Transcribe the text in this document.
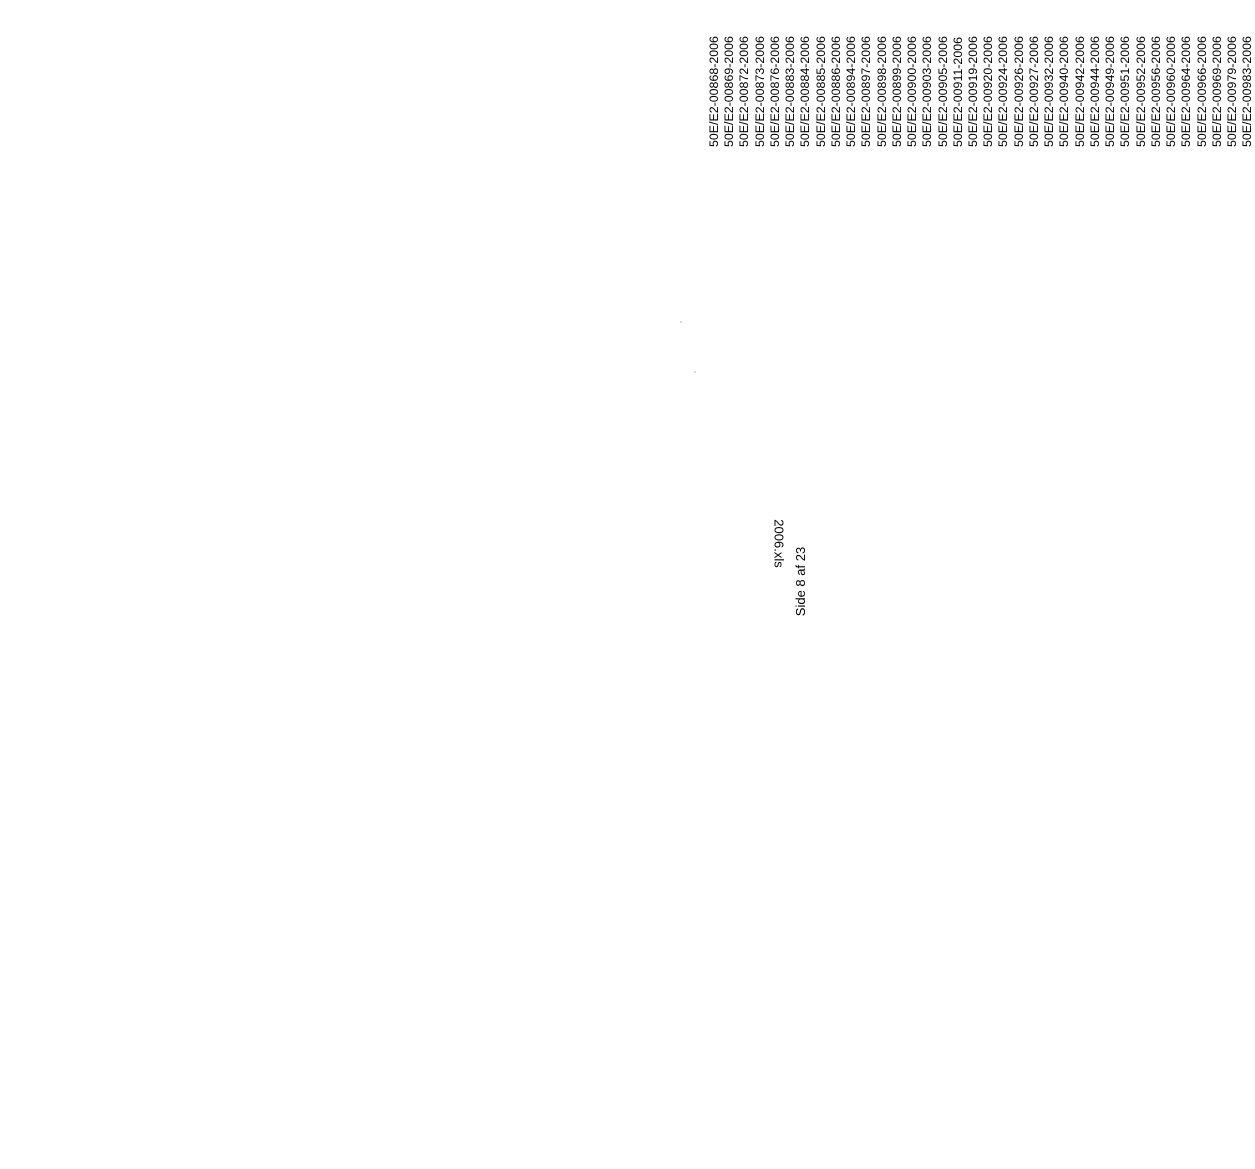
2006.xls
Side 8 af 23
50E/E2-00868-2006 50E/E2-00869-2006 50E/E2-00872-2006 50E/E2-00873-2006 50E/E2-00876-2006 50E/E2-00883-2006 50E/E2-00884-2006 50E/E2-00885-2006 50E/E2-00886-2006 50E/E2-00894-2006 50E/E2-00897-2006 50E/E2-00898-2006 50E/E2-00899-2006 50E/E2-00900-2006 50E/E2-00903-2006 50E/E2-00905-2006 50E/E2-00911-2006 50E/E2-00919-2006 50E/E2-00920-2006 50E/E2-00924-2006 50E/E2-00926-2006 50E/E2-00927-2006 50E/E2-00932-2006 50E/E2-00940-2006 50E/E2-00942-2006 50E/E2-00944-2006 50E/E2-00949-2006 50E/E2-00951-2006 50E/E2-00952-2006 50E/E2-00956-2006 50E/E2-00960-2006 50E/E2-00964-2006 50E/E2-00966-2006 50E/E2-00969-2006 50E/E2-00979-2006 50E/E2-00983-2006
